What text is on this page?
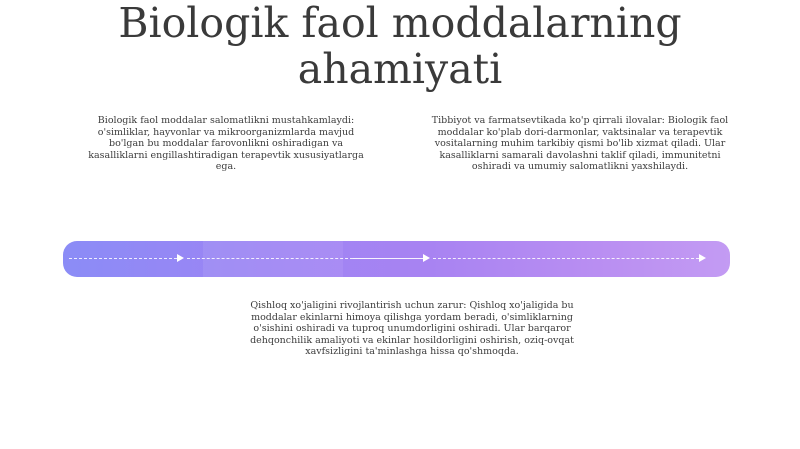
Biologik faol moddalarning
ahamiyati

Biologik faol moddalar salomatlikni mustahkamlaydi: o'simliklar, hayvonlar va mikroorganizmlarda mavjud bo'lgan bu moddalar farovonlikni oshiradigan va kasalliklarni engillashtiradigan terapevtik xususiyatlarga ega.

Tibbiyot va farmatsevtikada ko'p qirrali ilovalar: Biologik faol moddalar ko'plab dori-darmonlar, vaktsinalar va terapevtik vositalarning muhim tarkibiy qismi bo'lib xizmat qiladi. Ular kasalliklarni samarali davolashni taklif qiladi, immunitetni oshiradi va umumiy salomatlikni yaxshilaydi.

Qishloq xo'jaligini rivojlantirish uchun zarur: Qishloq xo'jaligida bu moddalar ekinlarni himoya qilishga yordam beradi, o'simliklarning o'sishini oshiradi va tuproq unumdorligini oshiradi. Ular barqaror dehqonchilik amaliyoti va ekinlar hosildorligini oshirish, oziq-ovqat xavfsizligini ta'minlashga hissa qo'shmoqda.
